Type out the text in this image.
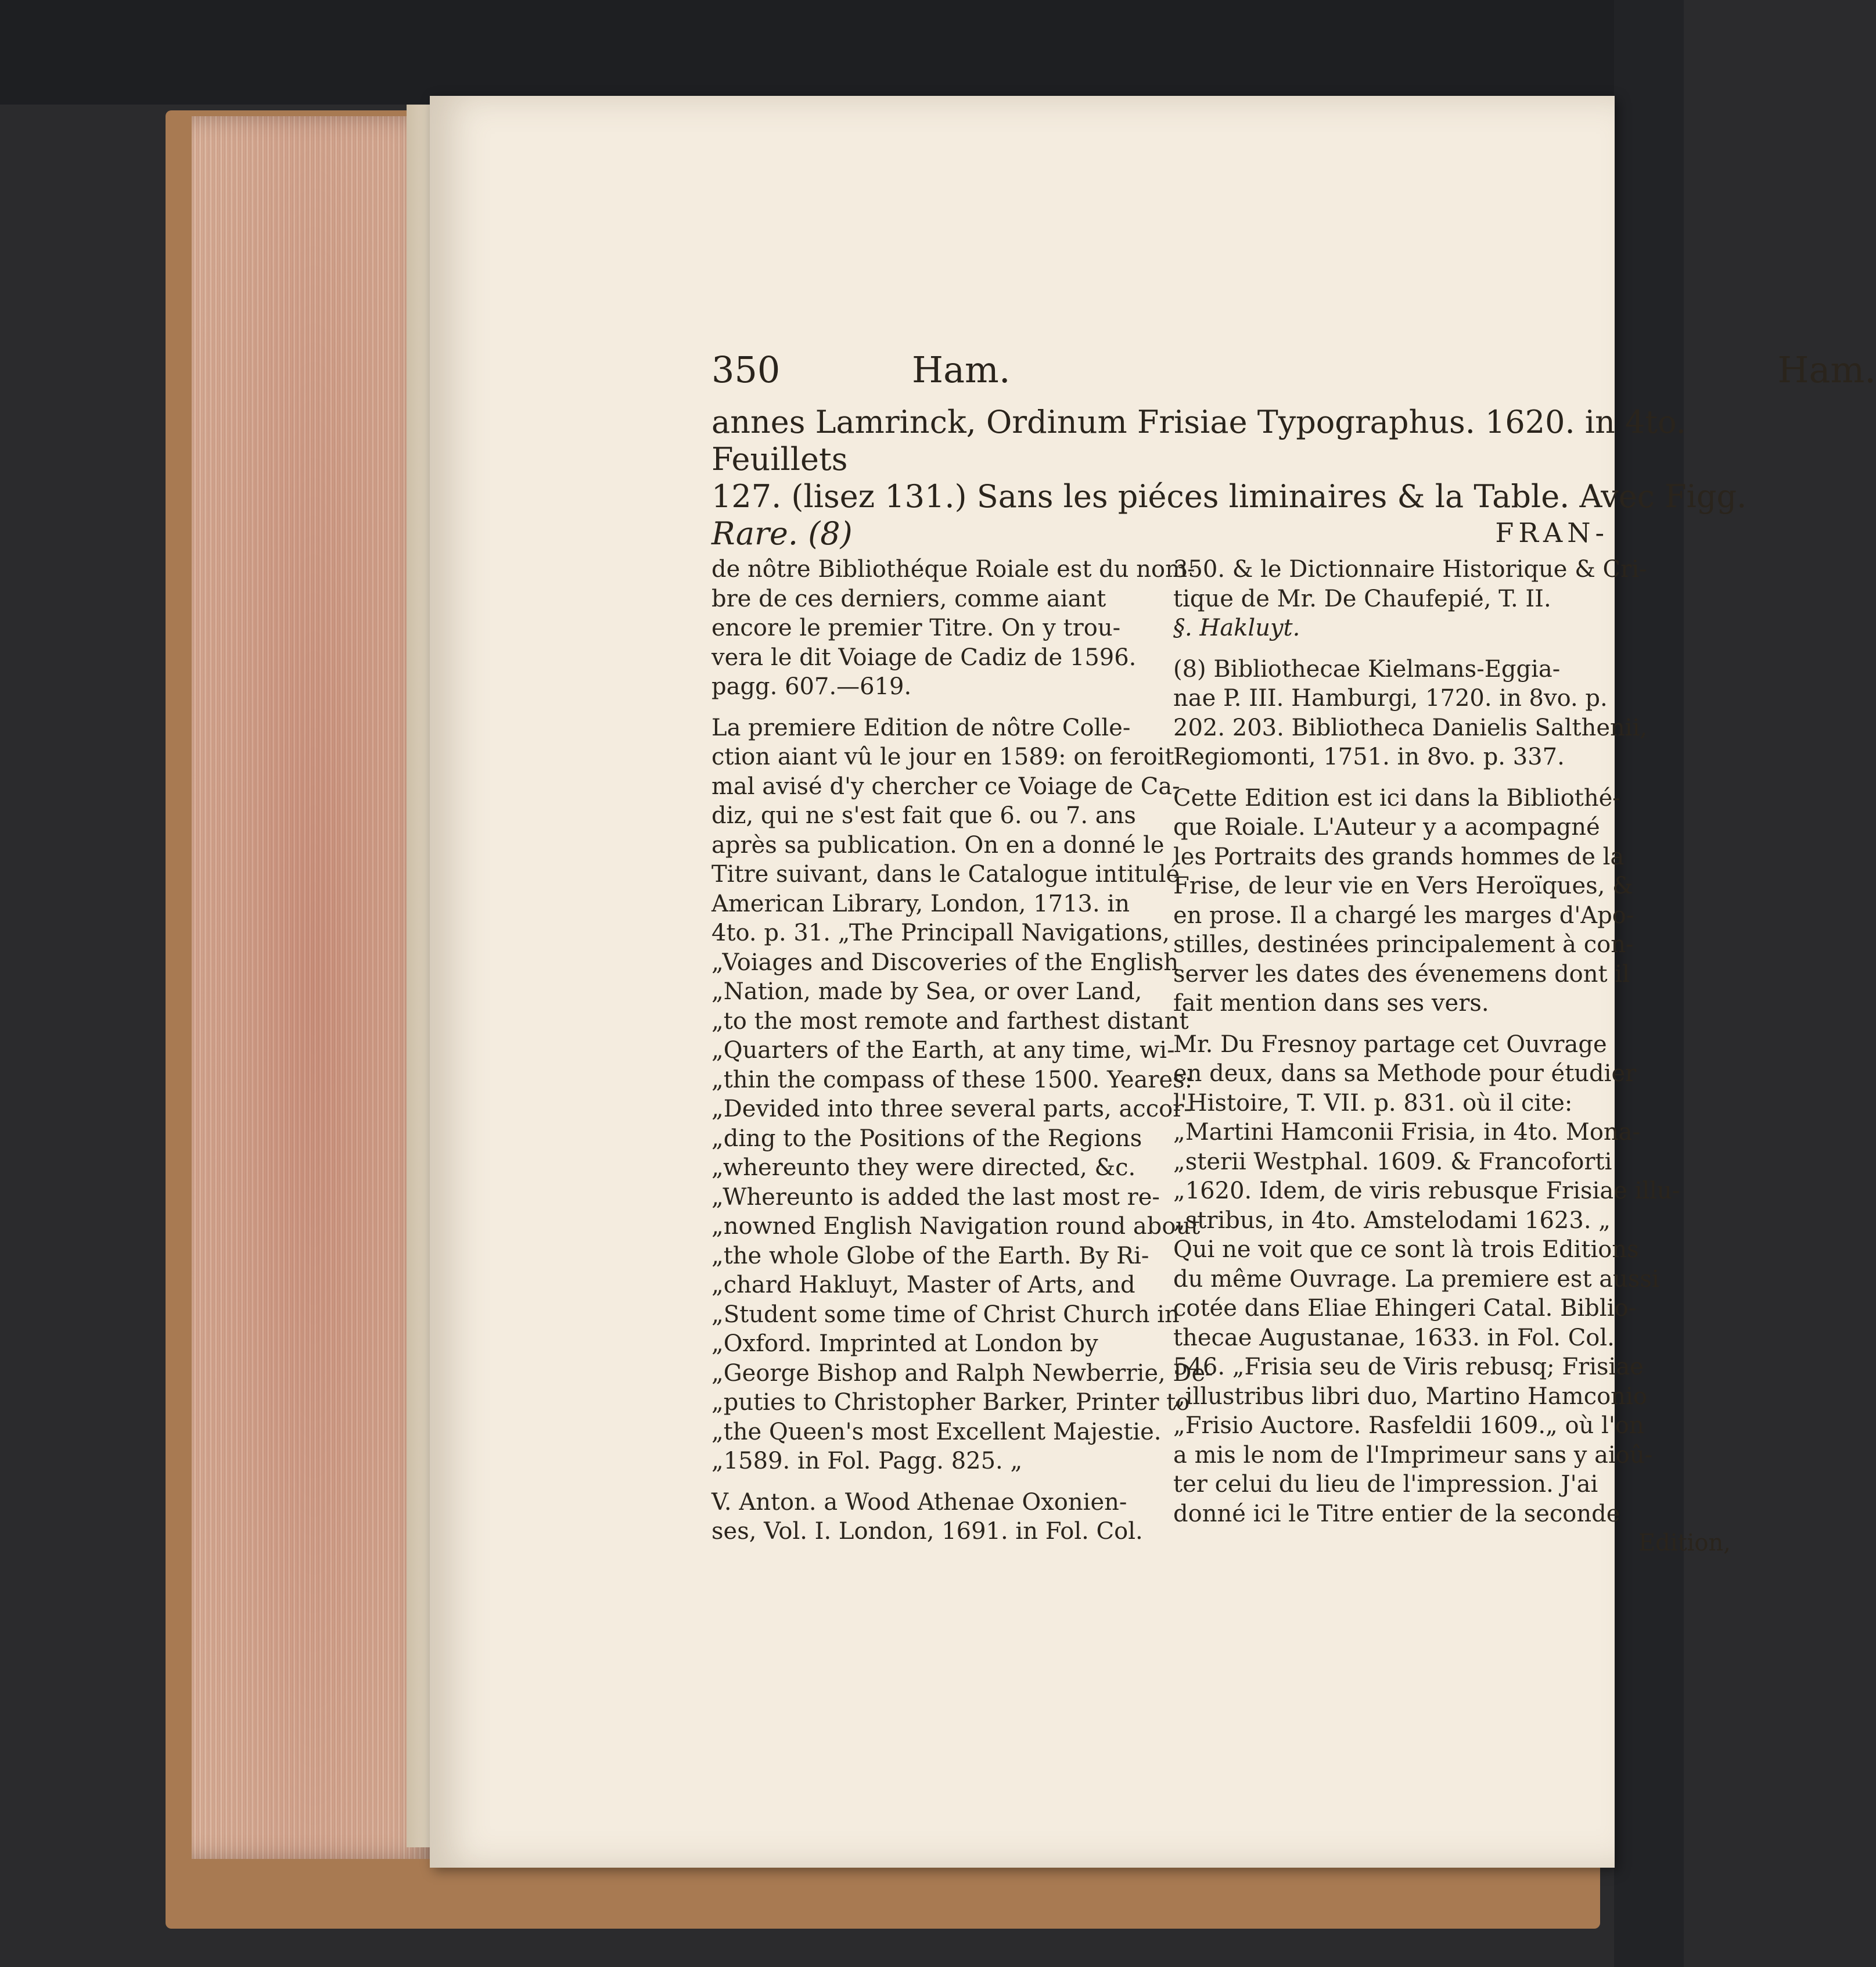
350	Ham.	Ham.
annes Lamrinck, Ordinum Frisiae Typographus. 1620. in 4to. Feuillets
127. (lisez 131.) Sans les piéces liminaires & la Table. Avec Figg.
Rare. (8)	FRAN-

de nôtre Bibliothéque Roiale est du nom-
bre de ces derniers, comme aiant
encore le premier Titre. On y trou-
vera le dit Voiage de Cadiz de 1596.
pagg. 607.—619.

La premiere Edition de nôtre Colle-
ction aiant vû le jour en 1589: on feroit
mal avisé d'y chercher ce Voiage de Ca-
diz, qui ne s'est fait que 6. ou 7. ans
après sa publication. On en a donné le
Titre suivant, dans le Catalogue intitulé
American Library, London, 1713. in
4to. p. 31. „The Principall Navigations,
„Voiages and Discoveries of the English
„Nation, made by Sea, or over Land,
„to the most remote and farthest distant
„Quarters of the Earth, at any time, wi-
„thin the compass of these 1500. Yeares:
„Devided into three several parts, accor-
„ding to the Positions of the Regions
„whereunto they were directed, &c.
„Whereunto is added the last most re-
„nowned English Navigation round about
„the whole Globe of the Earth. By Ri-
„chard Hakluyt, Master of Arts, and
„Student some time of Christ Church in
„Oxford. Imprinted at London by
„George Bishop and Ralph Newberrie, De-
„puties to Christopher Barker, Printer to
„the Queen's most Excellent Majestie.
„1589. in Fol. Pagg. 825. „

V. Anton. a Wood Athenae Oxonien-
ses, Vol. I. London, 1691. in Fol. Col.

350. & le Dictionnaire Historique & Cri-
tique de Mr. De Chaufepié, T. II.
§. Hakluyt.

(8) Bibliothecae Kielmans-Eggia-
nae P. III. Hamburgi, 1720. in 8vo. p.
202. 203. Bibliotheca Danielis Salthenii,
Regiomonti, 1751. in 8vo. p. 337.

Cette Edition est ici dans la Bibliothé-
que Roiale. L'Auteur y a acompagné
les Portraits des grands hommes de la
Frise, de leur vie en Vers Heroïques, &
en prose. Il a chargé les marges d'Apo-
stilles, destinées principalement à con-
server les dates des évenemens dont il
fait mention dans ses vers.

Mr. Du Fresnoy partage cet Ouvrage
en deux, dans sa Methode pour étudier
l'Histoire, T. VII. p. 831. où il cite:
„Martini Hamconii Frisia, in 4to. Mona-
„sterii Westphal. 1609. & Francoforti
„1620. Idem, de viris rebusque Frisiae illu-
„stribus, in 4to. Amstelodami 1623. „
Qui ne voit que ce sont là trois Editions
du même Ouvrage. La premiere est aussi
cotée dans Eliae Ehingeri Catal. Biblio-
thecae Augustanae, 1633. in Fol. Col.
546. „Frisia seu de Viris rebusq; Frisiae
„illustribus libri duo, Martino Hamconio
„Frisio Auctore. Rasfeldii 1609.„ où l'on
a mis le nom de l'Imprimeur sans y aioû-
ter celui du lieu de l'impression. J'ai
donné ici le Titre entier de la seconde
Edition,
